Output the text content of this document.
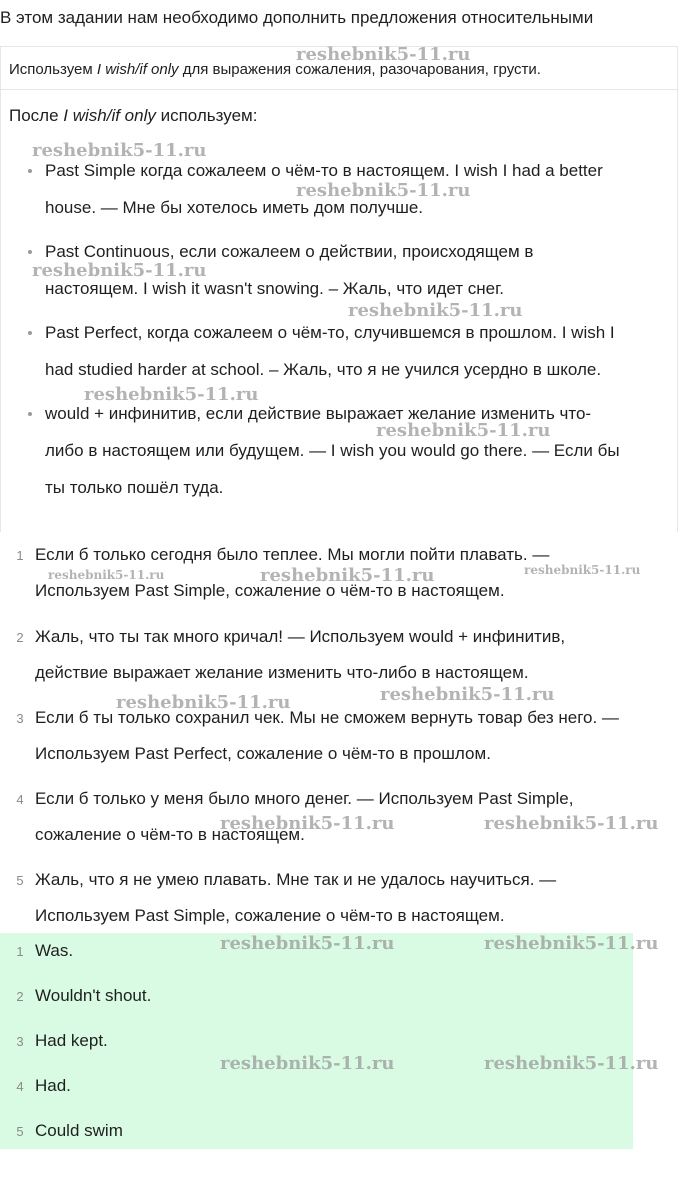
В этом задании нам необходимо дополнить предложения относительными
Используем I wish/if only для выражения сожаления, разочарования, грусти.
После I wish/if only используем:
Past Simple когда сожалеем о чём-то в настоящем. I wish I had a better
house. — Мне бы хотелось иметь дом получше.
Past Continuous, если сожалеем о действии, происходящем в
настоящем. I wish it wasn't snowing. – Жаль, что идет снег.
Past Perfect, когда сожалеем о чём-то, случившемся в прошлом. I wish I
had studied harder at school. – Жаль, что я не учился усердно в школе.
would + инфинитив, если действие выражает желание изменить что-
либо в настоящем или будущем. — I wish you would go there. — Если бы
ты только пошёл туда.
1 Если б только сегодня было теплее. Мы могли пойти плавать. —
Используем Past Simple, сожаление о чём-то в настоящем.
2 Жаль, что ты так много кричал! — Используем would + инфинитив,
действие выражает желание изменить что-либо в настоящем.
3 Если б ты только сохранил чек. Мы не сможем вернуть товар без него. —
Используем Past Perfect, сожаление о чём-то в прошлом.
4 Если б только у меня было много денег. — Используем Past Simple,
сожаление о чём-то в настоящем.
5 Жаль, что я не умею плавать. Мне так и не удалось научиться. —
Используем Past Simple, сожаление о чём-то в настоящем.
1 Was.
2 Wouldn't shout.
3 Had kept.
4 Had.
5 Could swim
reshebnik5-11.ru
reshebnik5-11.ru
reshebnik5-11.ru
reshebnik5-11.ru
reshebnik5-11.ru
reshebnik5-11.ru
reshebnik5-11.ru
reshebnik5-11.ru	reshebnik5-11.ru	reshebnik5-11.ru
reshebnik5-11.ru	reshebnik5-11.ru
reshebnik5-11.ru	reshebnik5-11.ru
reshebnik5-11.ru	reshebnik5-11.ru
reshebnik5-11.ru	reshebnik5-11.ru
